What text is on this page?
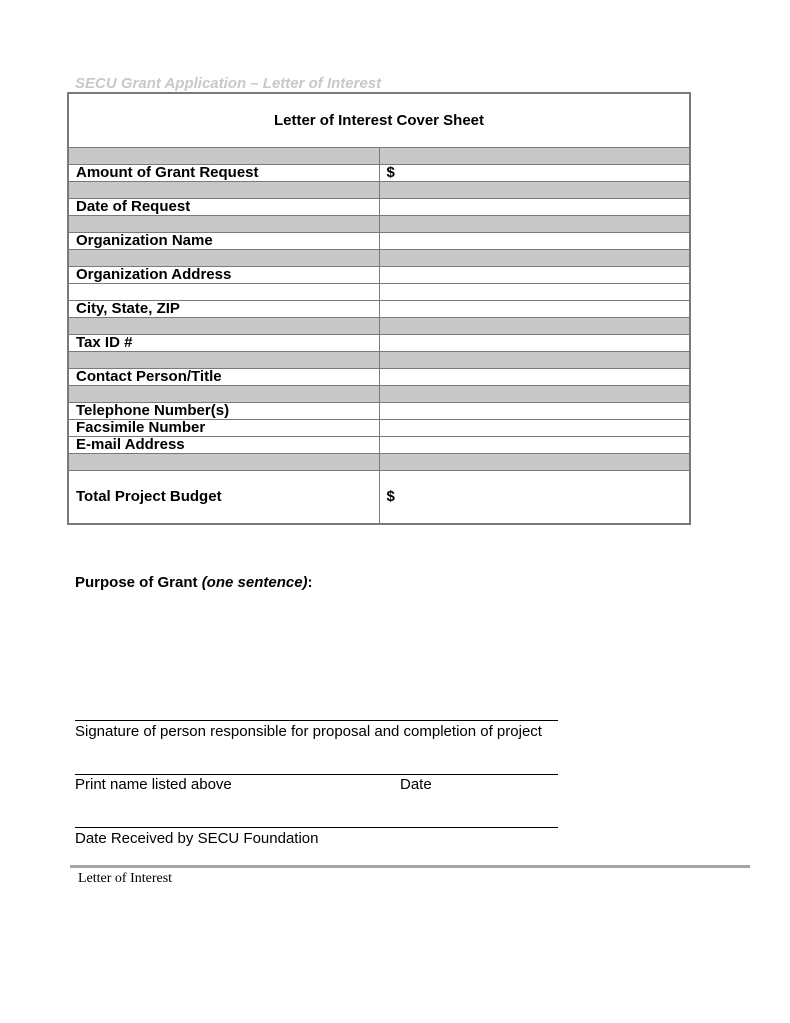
SECU Grant Application – Letter of Interest
Letter of Interest Cover Sheet	

Amount of Grant Request	$

Date of Request	

Organization Name	

Organization Address	

City, State, ZIP	

Tax ID #	

Contact Person/Title	

Telephone Number(s)	
Facsimile Number	
E-mail Address	

Total Project Budget	$
Purpose of Grant (one sentence):
Signature of person responsible for proposal and completion of project
Print name listed above	Date
Date Received by SECU Foundation
Letter of Interest
